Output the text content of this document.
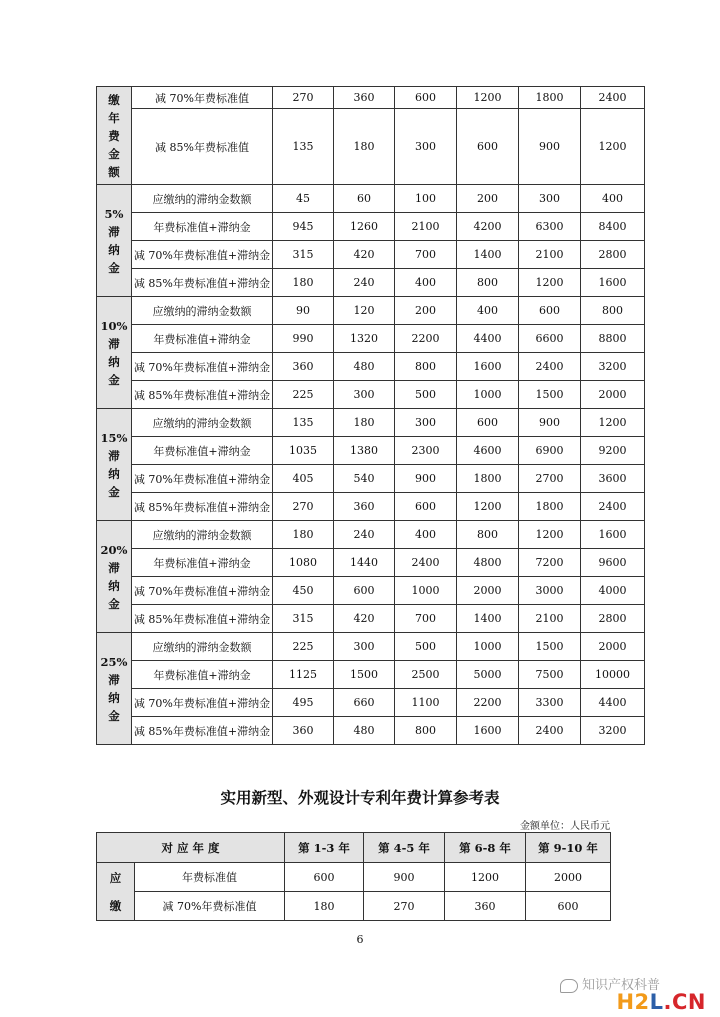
缴
年
费
金
额	减 70%年费标准值	270	360	600	1200	1800	2400
	减 85%年费标准值	135	180	300	600	900	1200
5%
滞
纳
金	应缴纳的滞纳金数额	45	60	100	200	300	400
	年费标准值+滞纳金	945	1260	2100	4200	6300	8400
	减 70%年费标准值+滞纳金	315	420	700	1400	2100	2800
	减 85%年费标准值+滞纳金	180	240	400	800	1200	1600
10%
滞
纳
金	应缴纳的滞纳金数额	90	120	200	400	600	800
	年费标准值+滞纳金	990	1320	2200	4400	6600	8800
	减 70%年费标准值+滞纳金	360	480	800	1600	2400	3200
	减 85%年费标准值+滞纳金	225	300	500	1000	1500	2000
15%
滞
纳
金	应缴纳的滞纳金数额	135	180	300	600	900	1200
	年费标准值+滞纳金	1035	1380	2300	4600	6900	9200
	减 70%年费标准值+滞纳金	405	540	900	1800	2700	3600
	减 85%年费标准值+滞纳金	270	360	600	1200	1800	2400
20%
滞
纳
金	应缴纳的滞纳金数额	180	240	400	800	1200	1600
	年费标准值+滞纳金	1080	1440	2400	4800	7200	9600
	减 70%年费标准值+滞纳金	450	600	1000	2000	3000	4000
	减 85%年费标准值+滞纳金	315	420	700	1400	2100	2800
25%
滞
纳
金	应缴纳的滞纳金数额	225	300	500	1000	1500	2000
	年费标准值+滞纳金	1125	1500	2500	5000	7500	10000
	减 70%年费标准值+滞纳金	495	660	1100	2200	3300	4400
	减 85%年费标准值+滞纳金	360	480	800	1600	2400	3200
实用新型、外观设计专利年费计算参考表
金额单位：人民币元
对 应 年 度		第 1-3 年	第 4-5 年	第 6-8 年	第 9-10 年
应
缴	年费标准值	600	900	1200	2000
	减 70%年费标准值	180	270	360	600
6
知识产权科普
H2L.CN
